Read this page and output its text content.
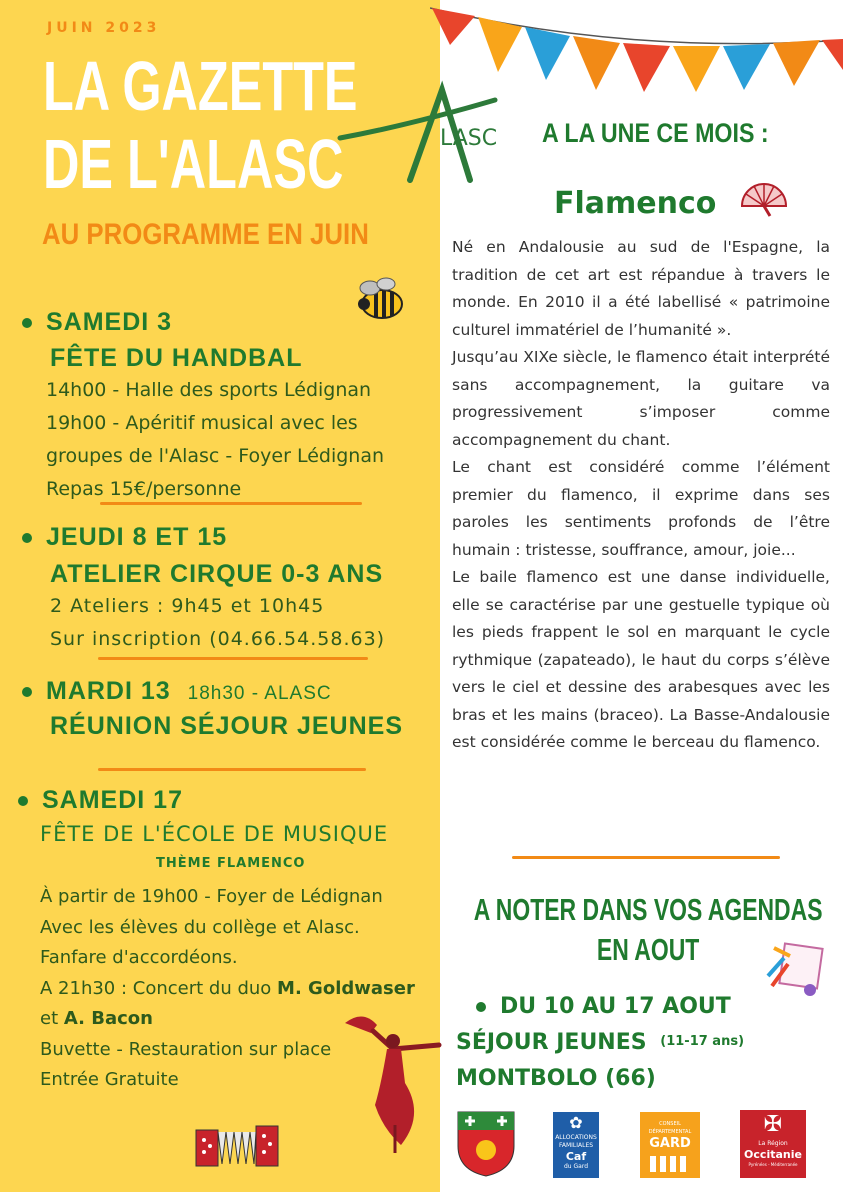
JUIN 2023
LA GAZETTE
DE L'ALASC	LASC
AU PROGRAMME EN JUIN
SAMEDI 3
FÊTE DU HANDBAL
14h00 - Halle des sports Lédignan
19h00 - Apéritif musical avec les
groupes de l'Alasc - Foyer Lédignan
Repas 15€/personne
JEUDI 8 ET 15
ATELIER CIRQUE 0-3 ANS
2 Ateliers : 9h45 et 10h45
Sur inscription (04.66.54.58.63)
MARDI 13 18h30 - ALASC
RÉUNION SÉJOUR JEUNES
SAMEDI 17
FÊTE DE L'ÉCOLE DE MUSIQUE
THÈME FLAMENCO
À partir de 19h00 - Foyer de Lédignan
Avec les élèves du collège et Alasc.
Fanfare d'accordéons.
A 21h30 : Concert du duo M. Goldwaser
et A. Bacon
Buvette - Restauration sur place
Entrée Gratuite
A LA UNE CE MOIS :
Flamenco

Né en Andalousie au sud de l'Espagne, la tradition de cet art est répandue à travers le monde. En 2010 il a été labellisé « patrimoine culturel immatériel de l’humanité ».

Jusqu’au XIXe siècle, le flamenco était interprété sans accompagnement, la guitare va progressivement s’imposer comme accompagnement du chant.

Le chant est considéré comme l’élément premier du flamenco, il exprime dans ses paroles les sentiments profonds de l’être humain : tristesse, souffrance, amour, joie...

Le baile flamenco est une danse individuelle, elle se caractérise par une gestuelle typique où les pieds frappent le sol en marquant le cycle rythmique (zapateado), le haut du corps s’élève vers le ciel et dessine des arabesques avec les bras et les mains (braceo). La Basse-Andalousie est considérée comme le berceau du flamenco.

A NOTER DANS VOS AGENDAS
EN AOUT
DU 10 AU 17 AOUT
SÉJOUR JEUNES (11-17 ans)
MONTBOLO (66)
✿
ALLOCATIONS
FAMILIALES
Caf
du Gard
CONSEIL DÉPARTEMENTAL
GARD
✠
La Région
Occitanie
Pyrénées - Méditerranée
